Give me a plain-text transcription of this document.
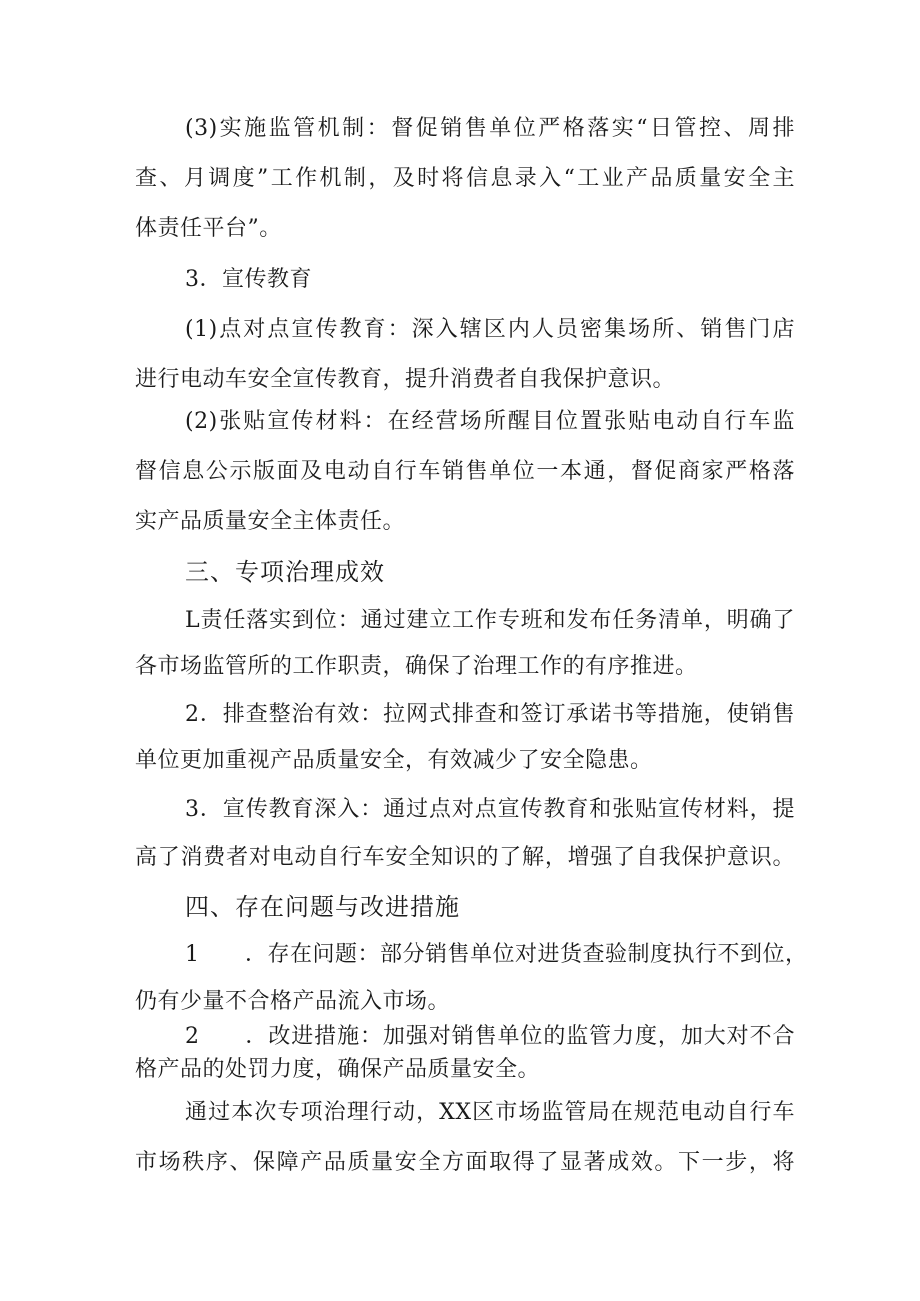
(3)实施监管机制：督促销售单位严格落实“日管控、周排
查、月调度”工作机制，及时将信息录入“工业产品质量安全主
体责任平台”。
3．宣传教育
(1)点对点宣传教育：深入辖区内人员密集场所、销售门店
进行电动车安全宣传教育，提升消费者自我保护意识。
(2)张贴宣传材料：在经营场所醒目位置张贴电动自行车监
督信息公示版面及电动自行车销售单位一本通，督促商家严格落
实产品质量安全主体责任。
三、专项治理成效
L责任落实到位：通过建立工作专班和发布任务清单，明确了
各市场监管所的工作职责，确保了治理工作的有序推进。
2．排查整治有效：拉网式排查和签订承诺书等措施，使销售
单位更加重视产品质量安全，有效减少了安全隐患。
3．宣传教育深入：通过点对点宣传教育和张贴宣传材料，提
高了消费者对电动自行车安全知识的了解，增强了自我保护意识。
四、存在问题与改进措施
1 ．存在问题：部分销售单位对进货查验制度执行不到位，
仍有少量不合格产品流入市场。
2 ．改进措施：加强对销售单位的监管力度，加大对不合
格产品的处罚力度，确保产品质量安全。
通过本次专项治理行动，XX区市场监管局在规范电动自行车
市场秩序、保障产品质量安全方面取得了显著成效。下一步，将
